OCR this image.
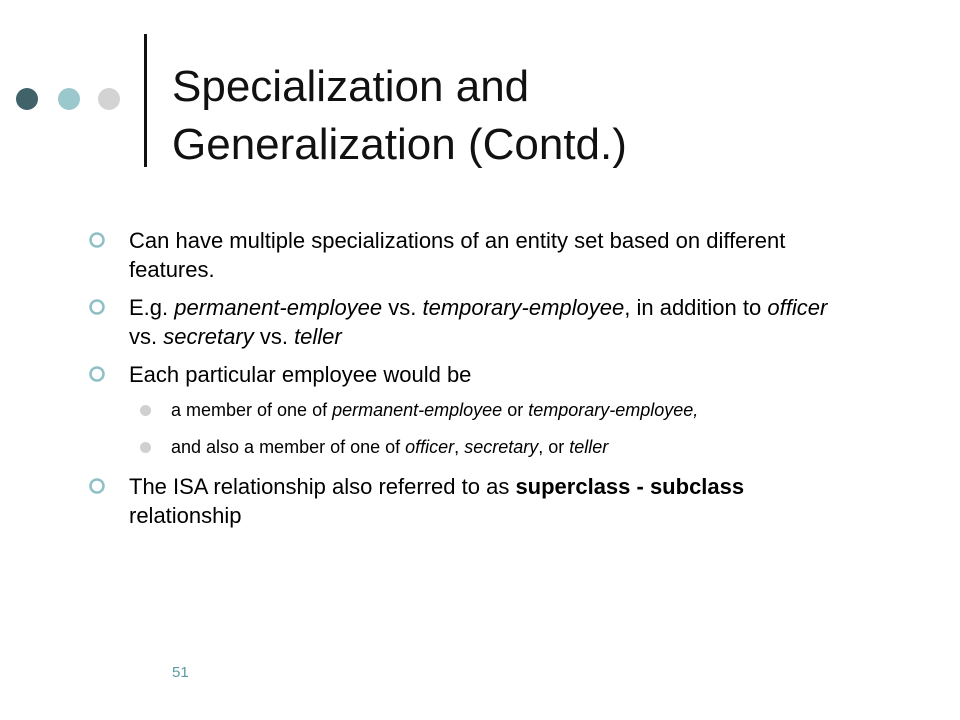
Specialization and
Generalization (Contd.)
Can have multiple specializations of an entity set based on different features.
E.g. permanent-employee vs. temporary-employee, in addition to officer vs. secretary vs. teller
Each particular employee would be
a member of one of permanent-employee or temporary-employee,
and also a member of one of officer, secretary, or teller
The ISA relationship also referred to as superclass - subclass relationship
51
